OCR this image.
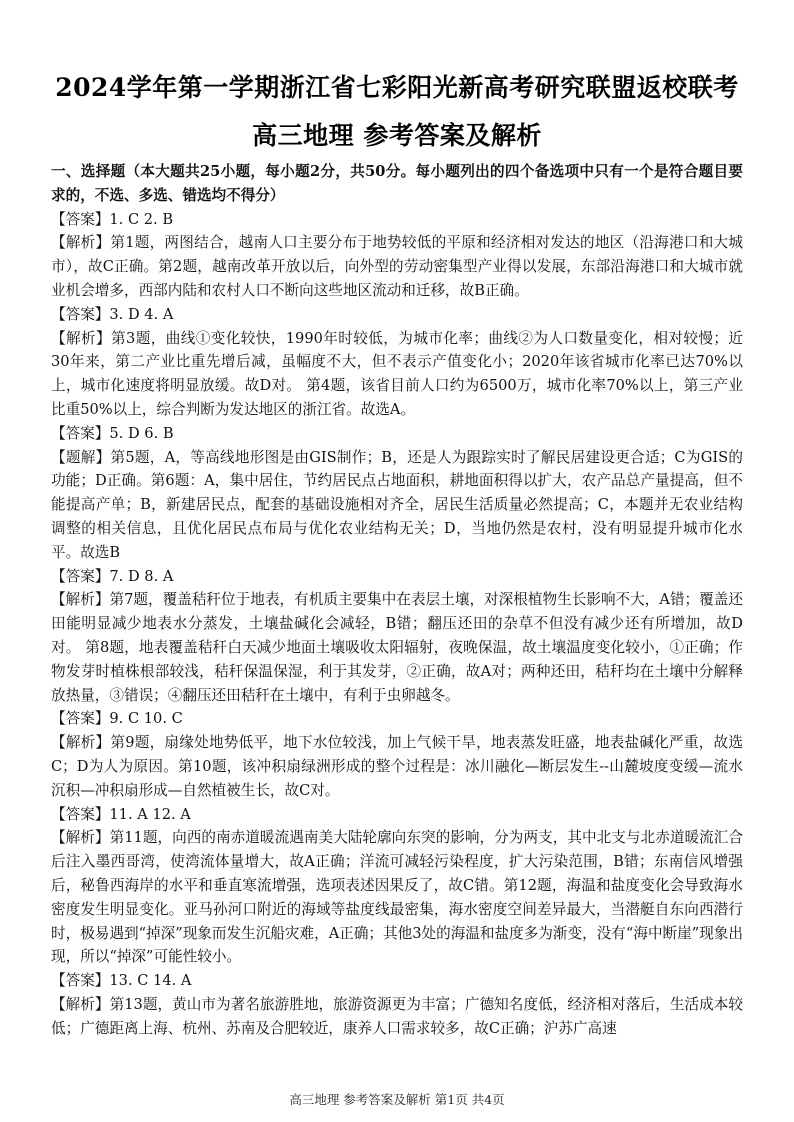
2024学年第一学期浙江省七彩阳光新高考研究联盟返校联考
高三地理 参考答案及解析

一、选择题（本大题共25小题，每小题2分，共50分。每小题列出的四个备选项中只有一个是符合题目要求的，不选、多选、错选均不得分）

【答案】1. C 2. B

【解析】第1题，两图结合，越南人口主要分布于地势较低的平原和经济相对发达的地区（沿海港口和大城市），故C正确。第2题，越南改革开放以后，向外型的劳动密集型产业得以发展，东部沿海港口和大城市就业机会增多，西部内陆和农村人口不断向这些地区流动和迁移，故B正确。

【答案】3. D 4. A

【解析】第3题，曲线①变化较快，1990年时较低，为城市化率；曲线②为人口数量变化，相对较慢；近30年来，第二产业比重先增后减，虽幅度不大，但不表示产值变化小；2020年该省城市化率已达70%以上，城市化速度将明显放缓。故D对。 第4题，该省目前人口约为6500万，城市化率70%以上，第三产业比重50%以上，综合判断为发达地区的浙江省。故选A。

【答案】5. D 6. B

【题解】第5题，A，等高线地形图是由GIS制作；B，还是人为跟踪实时了解民居建设更合适；C为GIS的功能；D正确。第6题：A，集中居住，节约居民点占地面积，耕地面积得以扩大，农产品总产量提高，但不能提高产单；B，新建居民点，配套的基础设施相对齐全，居民生活质量必然提高；C，本题并无农业结构调整的相关信息，且优化居民点布局与优化农业结构无关；D，当地仍然是农村，没有明显提升城市化水平。故选B

【答案】7. D 8. A

【解析】第7题，覆盖秸秆位于地表，有机质主要集中在表层土壤，对深根植物生长影响不大，A错；覆盖还田能明显减少地表水分蒸发，土壤盐碱化会减轻，B错；翻压还田的杂草不但没有减少还有所增加，故D对。 第8题，地表覆盖秸秆白天减少地面土壤吸收太阳辐射，夜晚保温，故土壤温度变化较小，①正确；作物发芽时植株根部较浅，秸秆保温保湿，利于其发芽，②正确，故A对；两种还田，秸秆均在土壤中分解释放热量，③错误；④翻压还田秸秆在土壤中，有利于虫卵越冬。

【答案】9. C 10. C

【解析】第9题，扇缘处地势低平，地下水位较浅，加上气候干旱，地表蒸发旺盛，地表盐碱化严重，故选C；D为人为原因。第10题，该冲积扇绿洲形成的整个过程是：冰川融化—断层发生--山麓坡度变缓—流水沉积—冲积扇形成—自然植被生长，故C对。

【答案】11. A 12. A

【解析】第11题，向西的南赤道暖流遇南美大陆轮廓向东突的影响，分为两支，其中北支与北赤道暖流汇合后注入墨西哥湾，使湾流体量增大，故A正确；洋流可减轻污染程度，扩大污染范围，B错；东南信风增强后，秘鲁西海岸的水平和垂直寒流增强，选项表述因果反了，故C错。第12题，海温和盐度变化会导致海水密度发生明显变化。亚马孙河口附近的海域等盐度线最密集，海水密度空间差异最大，当潜艇自东向西潜行时，极易遇到“掉深”现象而发生沉船灾难，A正确；其他3处的海温和盐度多为渐变，没有“海中断崖”现象出现，所以“掉深”可能性较小。

【答案】13. C 14. A

【解析】第13题，黄山市为著名旅游胜地，旅游资源更为丰富；广德知名度低，经济相对落后，生活成本较低；广德距离上海、杭州、苏南及合肥较近，康养人口需求较多，故C正确；沪苏广高速

高三地理 参考答案及解析 第1页 共4页
